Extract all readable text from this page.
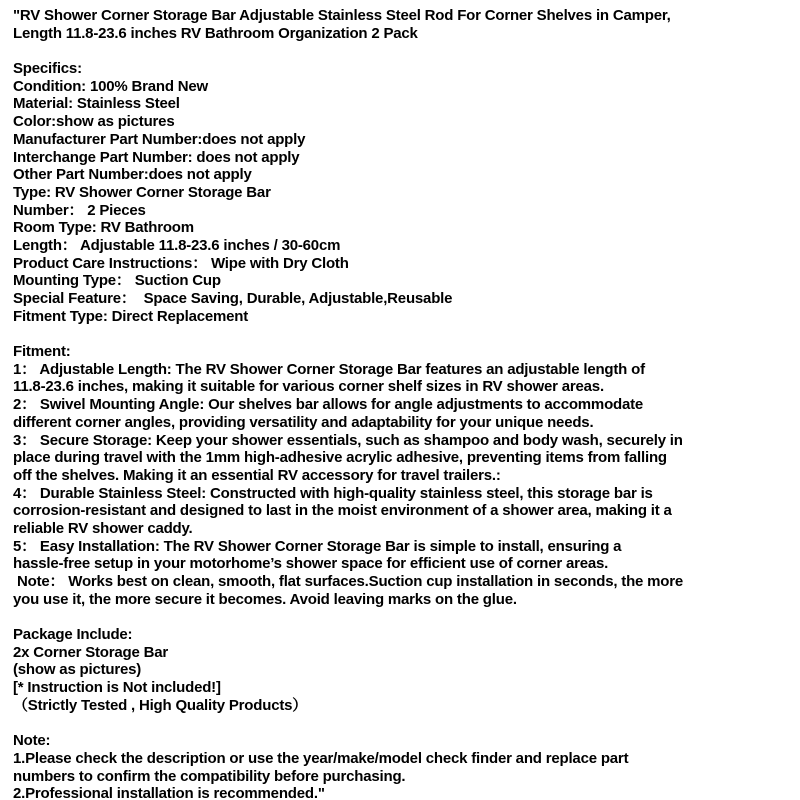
"RV Shower Corner Storage Bar Adjustable Stainless Steel Rod For Corner Shelves in Camper,
Length 11.8-23.6 inches RV Bathroom Organization 2 Pack
Specifics:
Condition: 100% Brand New
Material: Stainless Steel
Color:show as pictures
Manufacturer Part Number:does not apply
Interchange Part Number: does not apply
Other Part Number:does not apply
Type: RV Shower Corner Storage Bar
Number： 2 Pieces
Room Type: RV Bathroom
Length： Adjustable 11.8-23.6 inches / 30-60cm
Product Care Instructions： Wipe with Dry Cloth
Mounting Type： Suction Cup
Special Feature：  Space Saving, Durable, Adjustable,Reusable
Fitment Type: Direct Replacement
Fitment:
1： Adjustable Length: The RV Shower Corner Storage Bar features an adjustable length of
11.8-23.6 inches, making it suitable for various corner shelf sizes in RV shower areas.
2： Swivel Mounting Angle: Our shelves bar allows for angle adjustments to accommodate
different corner angles, providing versatility and adaptability for your unique needs.
3： Secure Storage: Keep your shower essentials, such as shampoo and body wash, securely in
place during travel with the 1mm high-adhesive acrylic adhesive, preventing items from falling
off the shelves. Making it an essential RV accessory for travel trailers.:
4： Durable Stainless Steel: Constructed with high-quality stainless steel, this storage bar is
corrosion-resistant and designed to last in the moist environment of a shower area, making it a
reliable RV shower caddy.
5： Easy Installation: The RV Shower Corner Storage Bar is simple to install, ensuring a
hassle-free setup in your motorhome’s shower space for efficient use of corner areas.
Note： Works best on clean, smooth, flat surfaces.Suction cup installation in seconds, the more
you use it, the more secure it becomes. Avoid leaving marks on the glue.
Package Include:
2x Corner Storage Bar
(show as pictures)
[* Instruction is Not included!]
（Strictly Tested , High Quality Products）
Note:
1.Please check the description or use the year/make/model check finder and replace part
numbers to confirm the compatibility before purchasing.
2.Professional installation is recommended."
